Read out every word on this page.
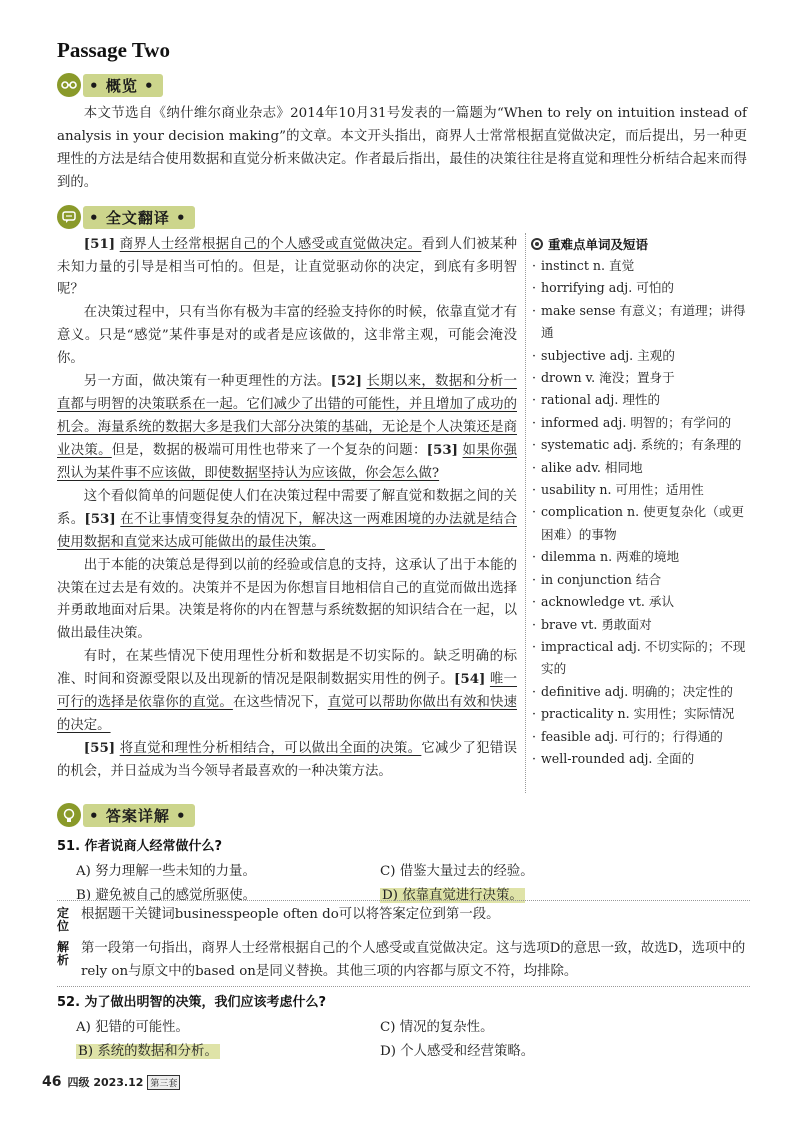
Passage Two
• 概览 •

本文节选自《纳什维尔商业杂志》2014年10月31号发表的一篇题为“When to rely on intuition instead of analysis in your decision making”的文章。本文开头指出，商界人士常常根据直觉做决定，而后提出，另一种更理性的方法是结合使用数据和直觉分析来做决定。作者最后指出，最佳的决策往往是将直觉和理性分析结合起来而得到的。

• 全文翻译 •

[51] 商界人士经常根据自己的个人感受或直觉做决定。看到人们被某种未知力量的引导是相当可怕的。但是，让直觉驱动你的决定，到底有多明智呢？

在决策过程中，只有当你有极为丰富的经验支持你的时候，依靠直觉才有意义。只是“感觉”某件事是对的或者是应该做的，这非常主观，可能会淹没你。

另一方面，做决策有一种更理性的方法。[52] 长期以来，数据和分析一直都与明智的决策联系在一起。它们减少了出错的可能性，并且增加了成功的机会。海量系统的数据大多是我们大部分决策的基础，无论是个人决策还是商业决策。但是，数据的极端可用性也带来了一个复杂的问题：[53] 如果你强烈认为某件事不应该做，即使数据坚持认为应该做，你会怎么做?

这个看似简单的问题促使人们在决策过程中需要了解直觉和数据之间的关系。[53] 在不让事情变得复杂的情况下，解决这一两难困境的办法就是结合使用数据和直觉来达成可能做出的最佳决策。

出于本能的决策总是得到以前的经验或信息的支持，这承认了出于本能的决策在过去是有效的。决策并不是因为你想盲目地相信自己的直觉而做出选择并勇敢地面对后果。决策是将你的内在智慧与系统数据的知识结合在一起，以做出最佳决策。

有时，在某些情况下使用理性分析和数据是不切实际的。缺乏明确的标准、时间和资源受限以及出现新的情况是限制数据实用性的例子。[54] 唯一可行的选择是依靠你的直觉。在这些情况下，直觉可以帮助你做出有效和快速的决定。

[55] 将直觉和理性分析相结合，可以做出全面的决策。它减少了犯错误的机会，并日益成为当今领导者最喜欢的一种决策方法。

重难点单词及短语
· instinct n. 直觉
· horrifying adj. 可怕的
· make sense 有意义；有道理；讲得通
· subjective adj. 主观的
· drown v. 淹没；置身于
· rational adj. 理性的
· informed adj. 明智的；有学问的
· systematic adj. 系统的；有条理的
· alike adv. 相同地
· usability n. 可用性；适用性
· complication n. 使更复杂化（或更困难）的事物
· dilemma n. 两难的境地
· in conjunction 结合
· acknowledge vt. 承认
· brave vt. 勇敢面对
· impractical adj. 不切实际的；不现实的
· definitive adj. 明确的；决定性的
· practicality n. 实用性；实际情况
· feasible adj. 可行的；行得通的
· well-rounded adj. 全面的
• 答案详解 •
51. 作者说商人经常做什么?
A) 努力理解一些未知的力量。	C) 借鉴大量过去的经验。
B) 避免被自己的感觉所驱使。	D) 依靠直觉进行决策。
定位
根据题干关键词businesspeople often do可以将答案定位到第一段。
解析
第一段第一句指出，商界人士经常根据自己的个人感受或直觉做决定。这与选项D的意思一致，故选D，选项中的rely on与原文中的based on是同义替换。其他三项的内容都与原文不符，均排除。
52. 为了做出明智的决策，我们应该考虑什么?
A) 犯错的可能性。	C) 情况的复杂性。
B) 系统的数据和分析。	D) 个人感受和经营策略。
46 四级 2023.12 第三套
